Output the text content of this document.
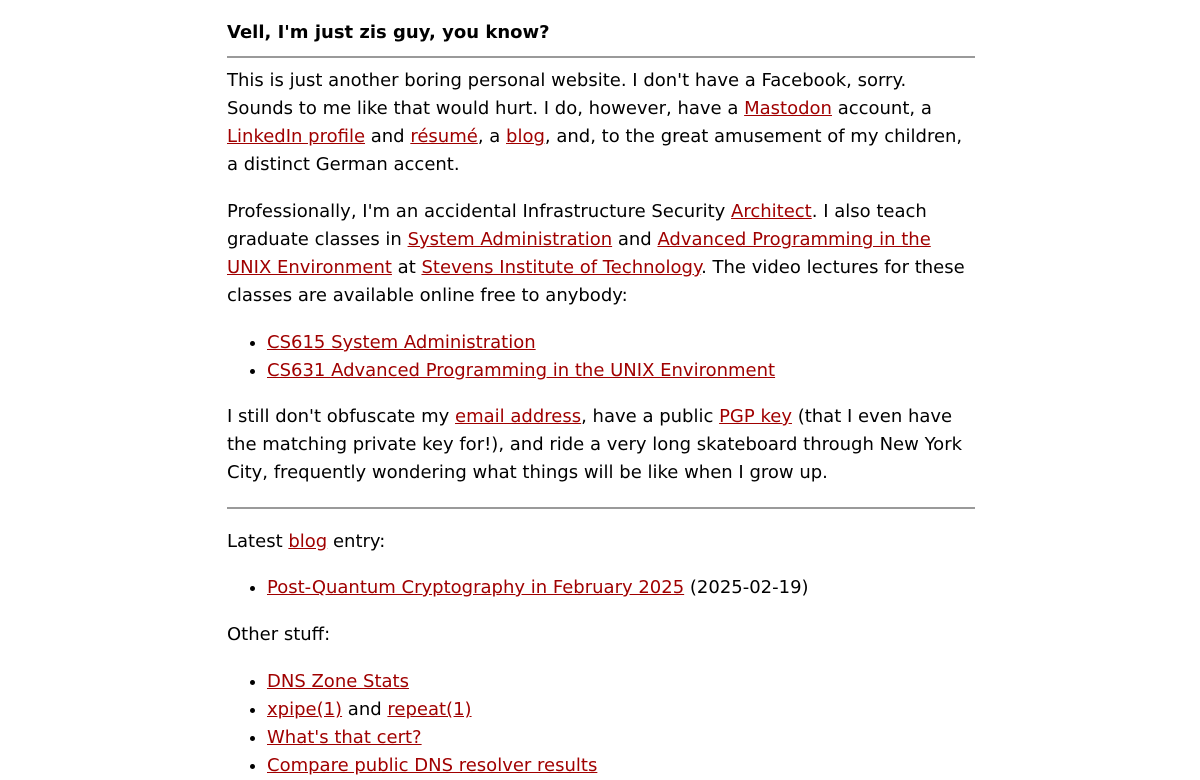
Vell, I'm just zis guy, you know?

This is just another boring personal website. I don't have a Facebook, sorry. Sounds to me like that would hurt. I do, however, have a Mastodon account, a LinkedIn profile and résumé, a blog, and, to the great amusement of my children, a distinct German accent.

Professionally, I'm an accidental Infrastructure Security Architect. I also teach graduate classes in System Administration and Advanced Programming in the UNIX Environment at Stevens Institute of Technology. The video lectures for these classes are available online free to anybody:

• CS615 System Administration
• CS631 Advanced Programming in the UNIX Environment

I still don't obfuscate my email address, have a public PGP key (that I even have the matching private key for!), and ride a very long skateboard through New York City, frequently wondering what things will be like when I grow up.

Latest blog entry:

• Post-Quantum Cryptography in February 2025 (2025-02-19)

Other stuff:

• DNS Zone Stats
• xpipe(1) and repeat(1)
• What's that cert?
• Compare public DNS resolver results
